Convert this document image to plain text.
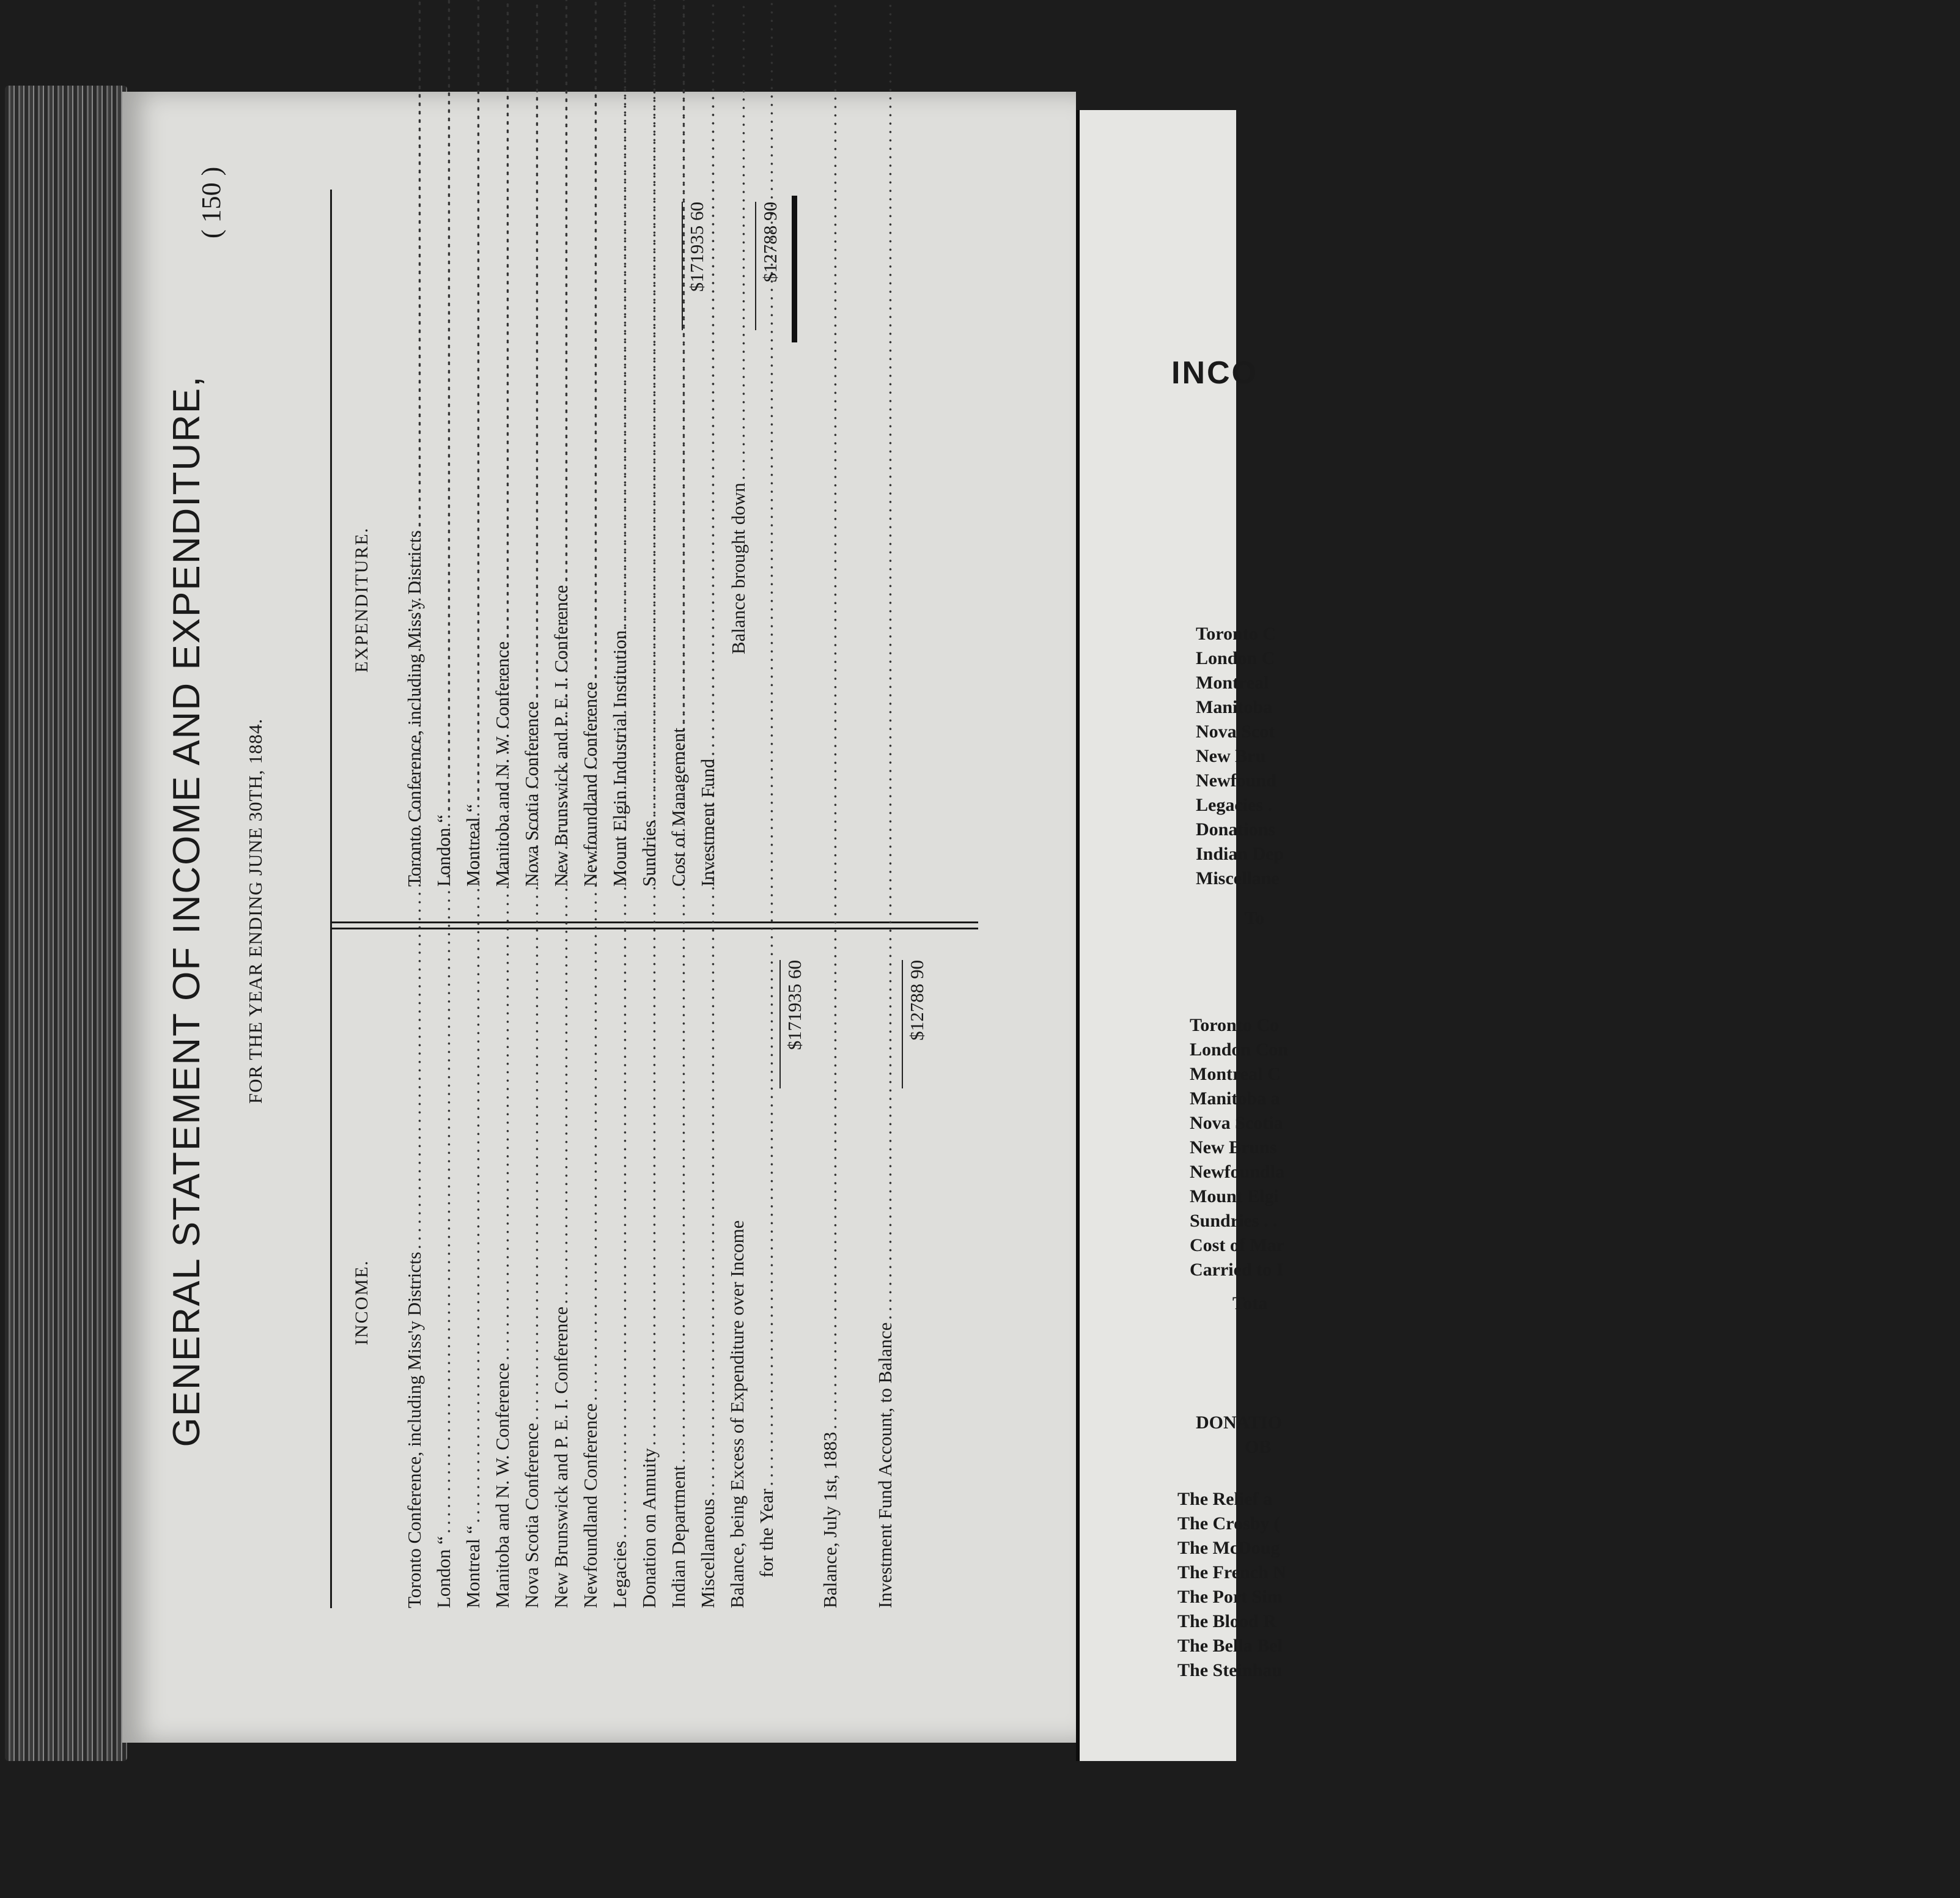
INCO
Toronto C
London C
Montreal
Manitoba
Nova Scot
New Bru
Newfound
Legacies .
Donations
Indian Dep
Miscellane
To
Toronto Co
London Con
Montreal C
Manitoba a
Nova Scotia
New Bruns
Newfoundla
Mount Elgi
Sundries . .
Cost of Mar
Carried to I
Tota
DONATIO
OB
The Relief a
The Crosby (
The McDoug
The French N
The Port Sim
The Blood R
The Bella Bel
The Steinhau
( 150 )
GENERAL STATEMENT OF INCOME AND EXPENDITURE, FOR THE YEAR ENDING JUNE 30TH, 1884.
INCOME. Toronto Conference, including Miss'y Districts
..... London “
..... Montreal “ ..... Manitoba and N. W. Conference
..... Nova Scotia Conference
..... New Brunswick and P. E. I. Conference
..... Newfoundland Conference
..... Legacies ..... Donation on Annuity
..... Indian Department
..... Miscellaneous ..... Balance, being Excess of Expenditure over Income for the Year
.....
$171935 60
Balance, July 1st, 1883
..... Investment Fund Account, to Balance
.....
$12788 90
EXPENDITURE. Toronto Conference, including Miss'y Districts
..... London “
..... Montreal “ ..... Manitoba and N. W. Conference
..... Nova Scotia Conference
..... New Brunswick and P. E. I. Conference
..... Newfoundland Conference
..... Mount Elgin Industrial Institution
..... Sundries ..... Cost of Management
..... Investment Fund
.....
$171935 60
Balance brought down
.....
$12788 90
